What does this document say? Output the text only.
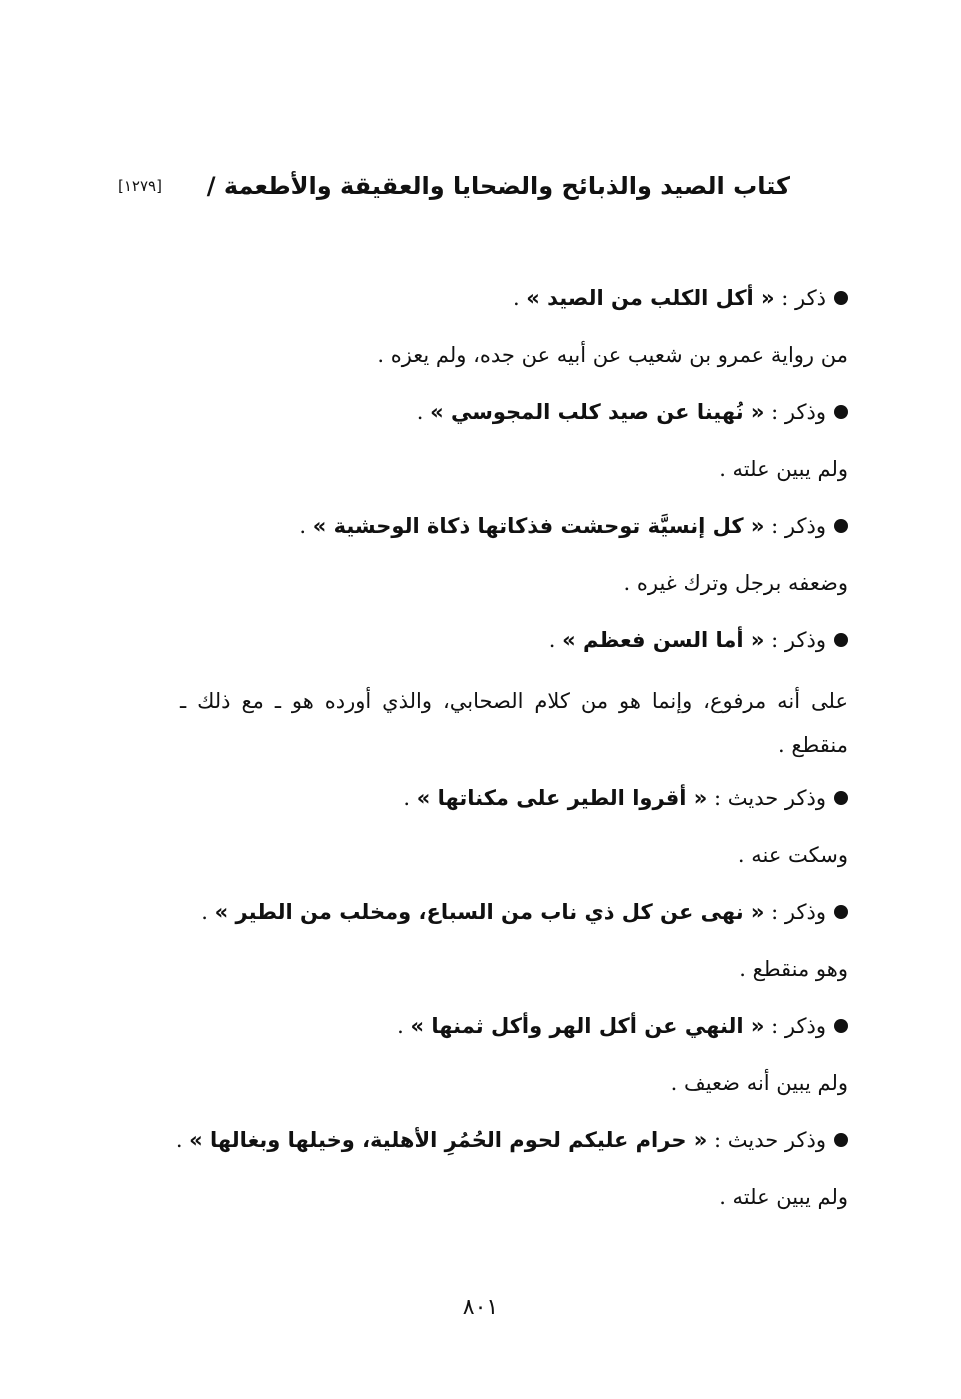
كتاب الصيد والذبائح والضحايا والعقيقة والأطعمة /
[١٢٧٩]
ذكر : « أكل الكلب من الصيد » .
من رواية عمرو بن شعيب عن أبيه عن جده، ولم يعزه .
وذكر : « نُهينا عن صيد كلب المجوسي » .
ولم يبين علته .
وذكر : « كل إنسيَّة توحشت فذكاتها ذكاة الوحشية » .
وضعفه برجل وترك غيره .
وذكر : « أما السن فعظم » .
على أنه مرفوع، وإنما هو من كلام الصحابي، والذي أورده هو ـ مع ذلك ـ منقطع .
وذكر حديث : « أقروا الطير على مكناتها » .
وسكت عنه .
وذكر : « نهى عن كل ذي ناب من السباع، ومخلب من الطير » .
وهو منقطع .
وذكر : « النهي عن أكل الهر وأكل ثمنها » .
ولم يبين أنه ضعيف .
وذكر حديث : « حرام عليكم لحوم الحُمُرِ الأهلية، وخيلها وبغالها » .
ولم يبين علته .
٨٠١
